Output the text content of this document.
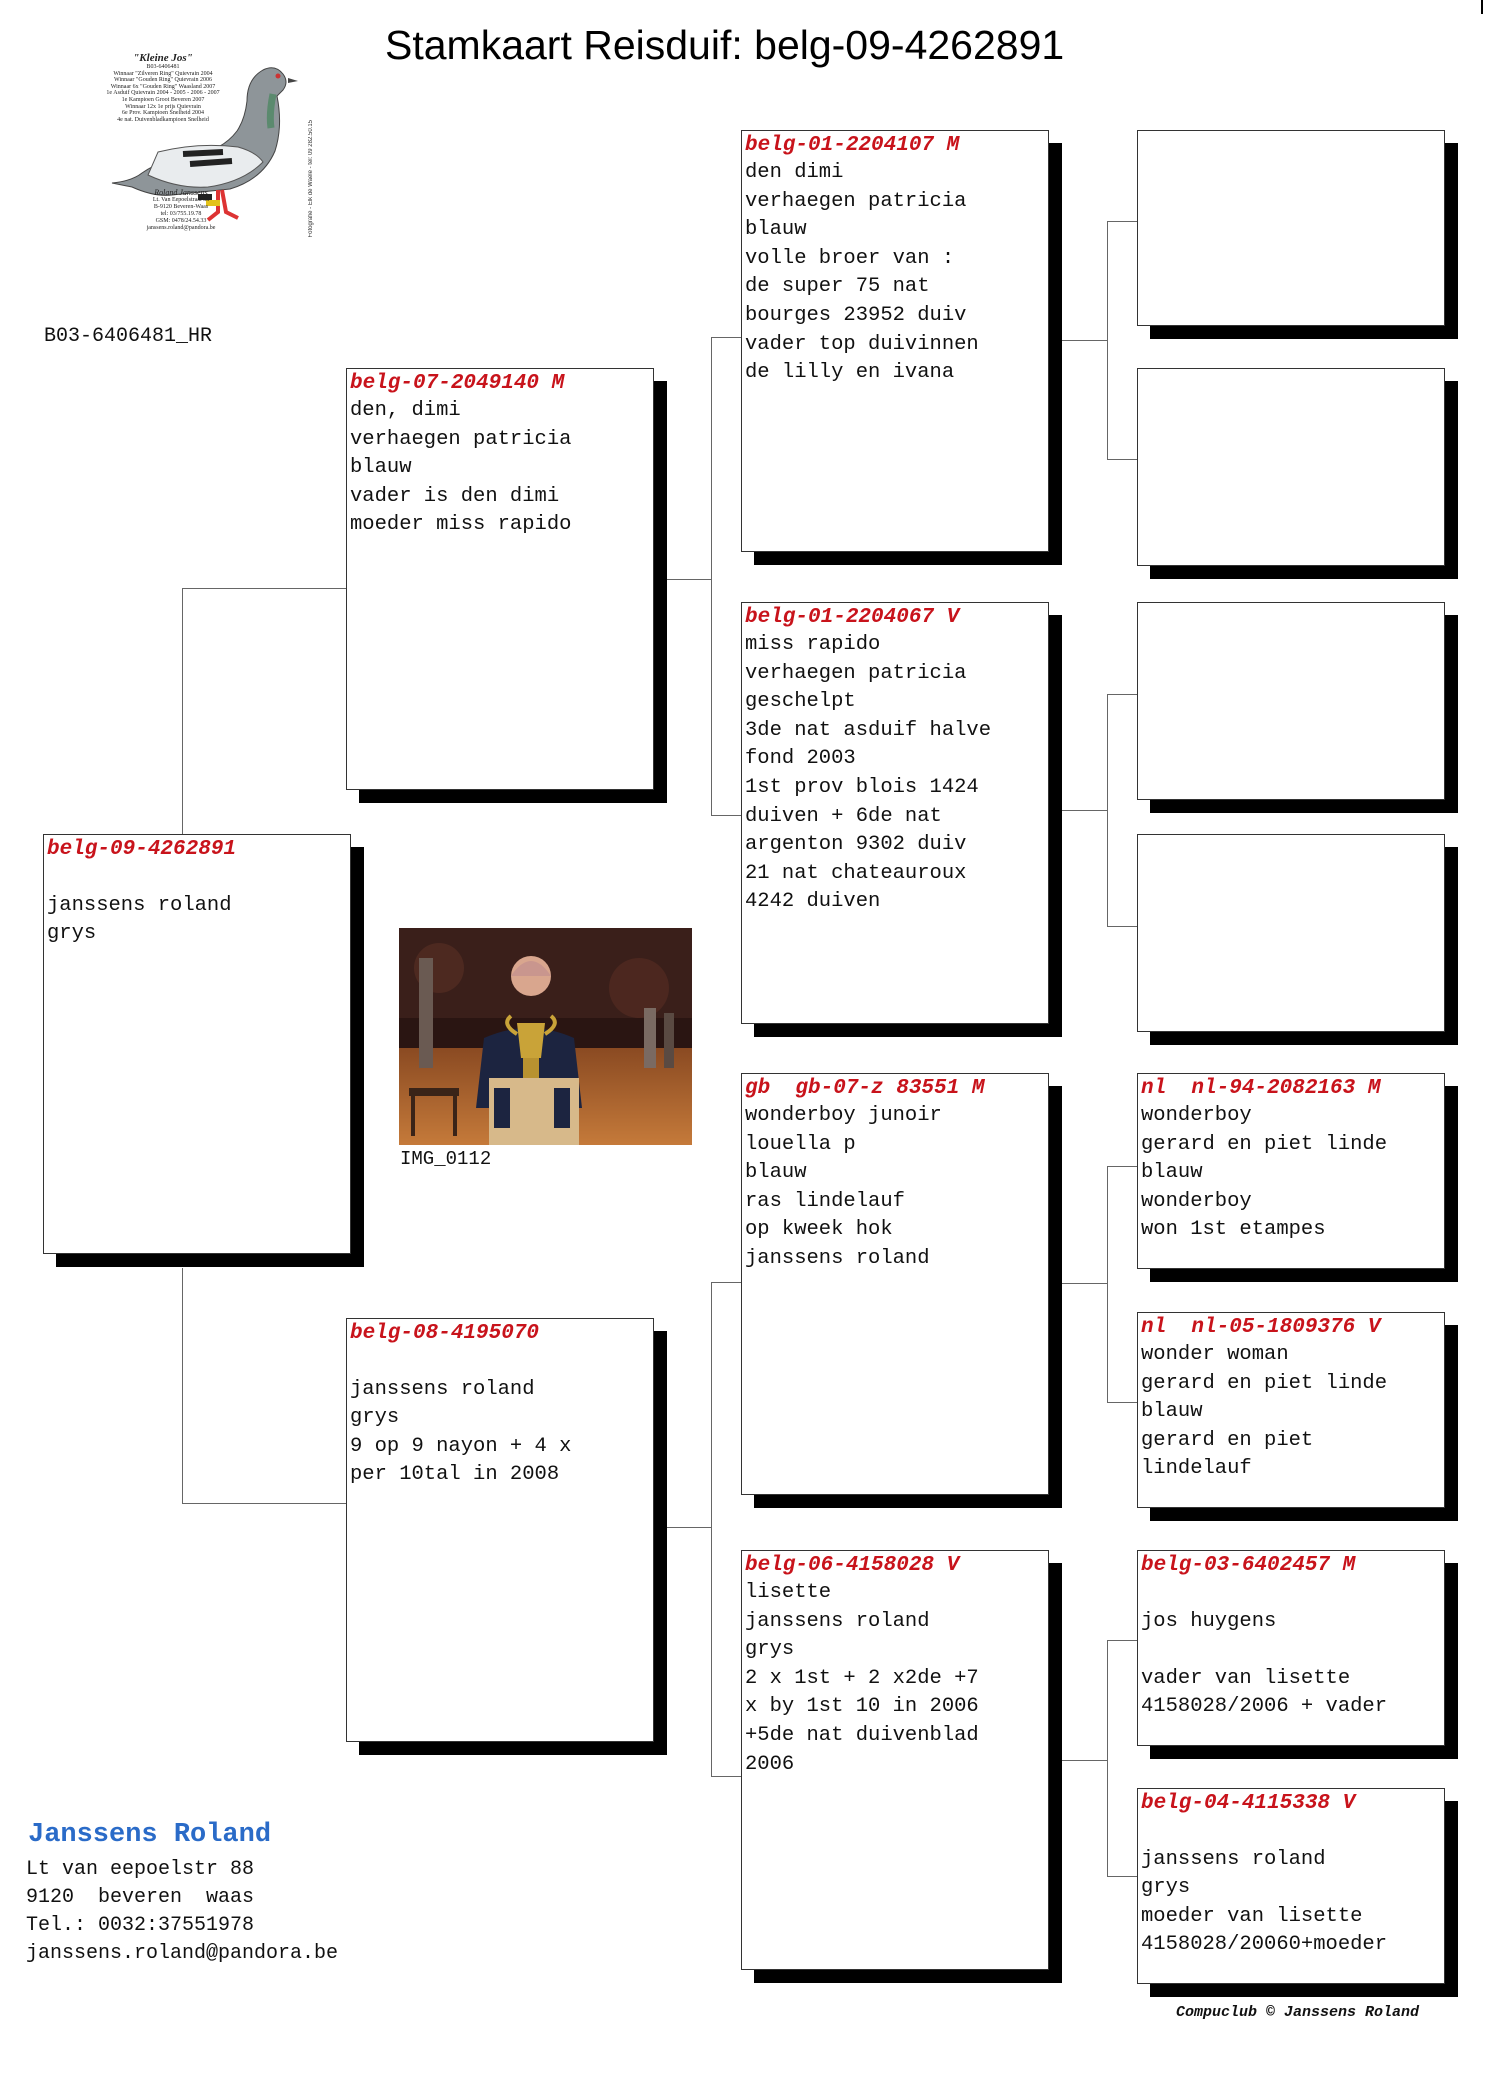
Stamkaart Reisduif: belg-09-4262891
B03-6406481_HR
"Kleine Jos"
B03-6406481
Winnaar "Zilveren Ring" Quievrain 2004
Winnaar "Gouden Ring" Quievrain 2006
Winnaar 6x "Gouden Ring" Waasland 2007
1e Asduif Quievrain 2004 - 2005 - 2006 - 2007
1e Kampioen Groot Beveren 2007
Winnaar 12x 1e prijs Quievrain
6e Prov. Kampioen Snelheid 2004
4e nat. Duivenbladkampioen Snelheid
Roland Janssens
Lt. Van Eepoelstraat 88
B-9120 Beveren-Waas
tel: 03/755.19.78
GSM: 0478/24.54.33
janssens.roland@pandora.be	Fotografie - Elk de Waele - tel: 09 282.50.15
belg-09-4262891
janssens roland
grys
belg-07-2049140 M
den, dimi
verhaegen patricia
blauw
vader is den dimi
moeder miss rapido
belg-08-4195070
janssens roland
grys
9 op 9 nayon + 4 x
per 10tal in 2008
belg-01-2204107 M
den dimi
verhaegen patricia
blauw
volle broer van :
de super 75 nat
bourges 23952 duiv
vader top duivinnen
de lilly en ivana
belg-01-2204067 V
miss rapido
verhaegen patricia
geschelpt
3de nat asduif halve
fond 2003
1st prov blois 1424
duiven + 6de nat
argenton 9302 duiv
21 nat chateauroux
4242 duiven
gb  gb-07-z 83551 M
wonderboy junoir
louella p
blauw
ras lindelauf
op kweek hok
janssens roland
belg-06-4158028 V
lisette
janssens roland
grys
2 x 1st + 2 x2de +7
x by 1st 10 in 2006
+5de nat duivenblad
2006
nl  nl-94-2082163 M
wonderboy
gerard en piet linde
blauw
wonderboy
won 1st etampes
nl  nl-05-1809376 V
wonder woman
gerard en piet linde
blauw
gerard en piet
lindelauf
belg-03-6402457 M
jos huygens
vader van lisette
4158028/2006 + vader
belg-04-4115338 V
janssens roland
grys
moeder van lisette
4158028/20060+moeder
IMG_0112
Janssens Roland
Lt van eepoelstr 88
9120  beveren  waas
Tel.: 0032:37551978
janssens.roland@pandora.be
Compuclub © Janssens Roland
